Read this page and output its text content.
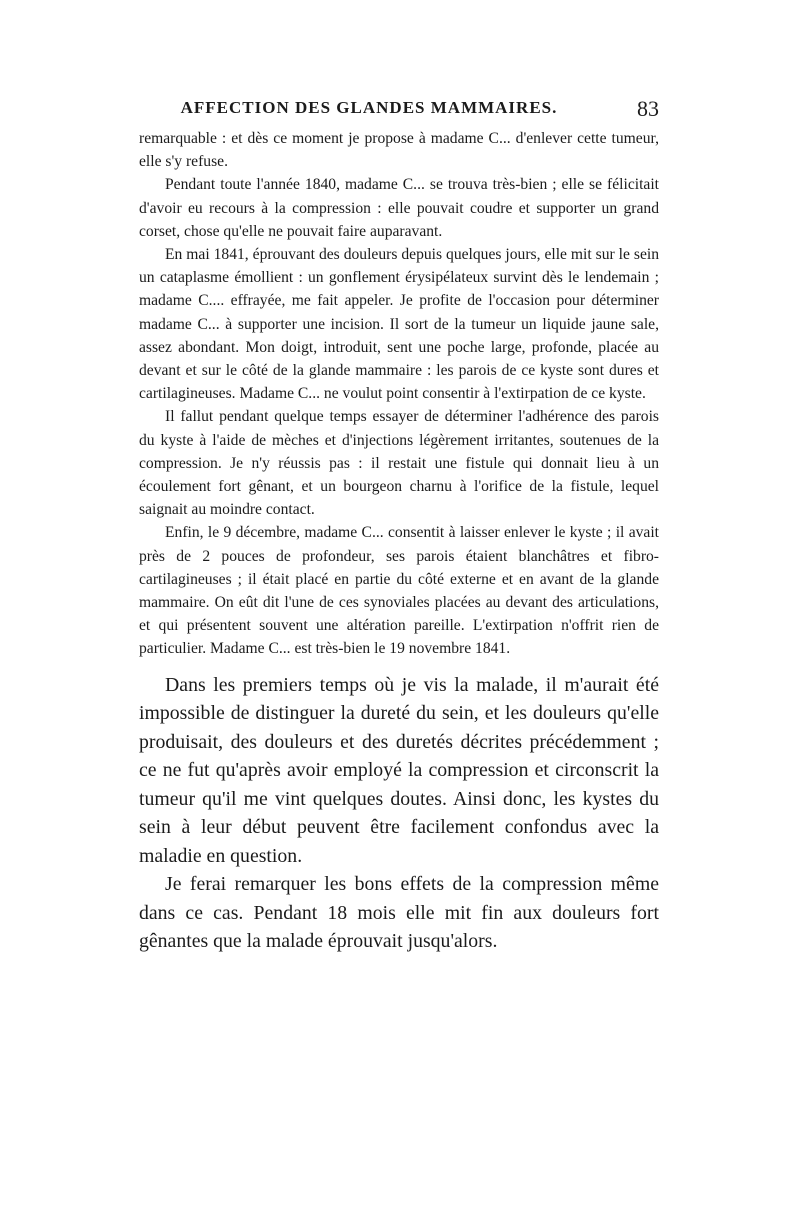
AFFECTION DES GLANDES MAMMAIRES.	83

remarquable : et dès ce moment je propose à madame C... d'enlever cette tumeur, elle s'y refuse.

Pendant toute l'année 1840, madame C... se trouva très-bien ; elle se félicitait d'avoir eu recours à la compression : elle pouvait coudre et supporter un grand corset, chose qu'elle ne pouvait faire auparavant.

En mai 1841, éprouvant des douleurs depuis quelques jours, elle mit sur le sein un cataplasme émollient : un gonflement érysipélateux survint dès le lendemain ; madame C.... effrayée, me fait appeler. Je profite de l'occasion pour déterminer madame C... à supporter une incision. Il sort de la tumeur un liquide jaune sale, assez abondant. Mon doigt, introduit, sent une poche large, profonde, placée au devant et sur le côté de la glande mammaire : les parois de ce kyste sont dures et cartilagineuses. Madame C... ne voulut point consentir à l'extirpation de ce kyste.

Il fallut pendant quelque temps essayer de déterminer l'adhérence des parois du kyste à l'aide de mèches et d'injections légèrement irritantes, soutenues de la compression. Je n'y réussis pas : il restait une fistule qui donnait lieu à un écoulement fort gênant, et un bourgeon charnu à l'orifice de la fistule, lequel saignait au moindre contact.

Enfin, le 9 décembre, madame C... consentit à laisser enlever le kyste ; il avait près de 2 pouces de profondeur, ses parois étaient blanchâtres et fibro-cartilagineuses ; il était placé en partie du côté externe et en avant de la glande mammaire. On eût dit l'une de ces synoviales placées au devant des articulations, et qui présentent souvent une altération pareille. L'extirpation n'offrit rien de particulier. Madame C... est très-bien le 19 novembre 1841.

Dans les premiers temps où je vis la malade, il m'aurait été impossible de distinguer la dureté du sein, et les douleurs qu'elle produisait, des douleurs et des duretés décrites précédemment ; ce ne fut qu'après avoir employé la compression et circonscrit la tumeur qu'il me vint quelques doutes. Ainsi donc, les kystes du sein à leur début peuvent être facilement confondus avec la maladie en question.

Je ferai remarquer les bons effets de la compression même dans ce cas. Pendant 18 mois elle mit fin aux douleurs fort gênantes que la malade éprouvait jusqu'alors.
